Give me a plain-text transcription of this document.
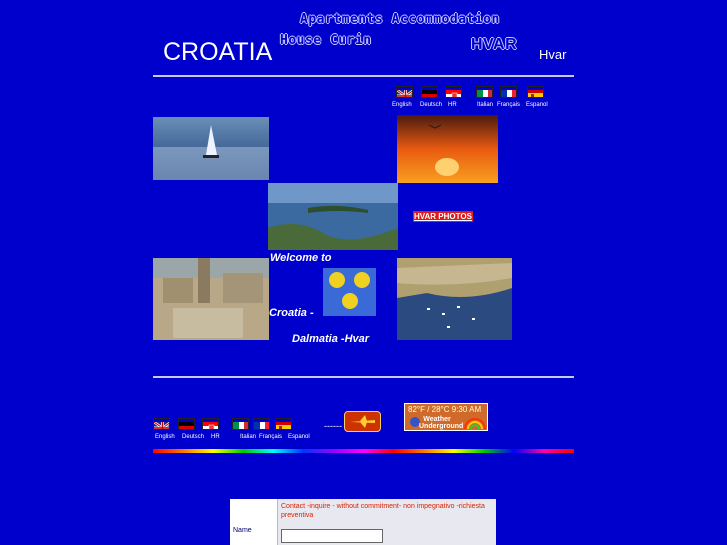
CROATIA
Apartments Accommodation
House Curin	HVAR
Hvar
English Deutsch HR	Italian Français Espanol
HVAR PHOTOS
Welcome to
Croatia -
Dalmatia -Hvar
English Deutsch HR	Italian Français Espanol
------
82°F / 28°C 9:30 AM
Weather Underground
Name
Contact -inquire - without commitment- non impegnativo -richiesta preventiva
